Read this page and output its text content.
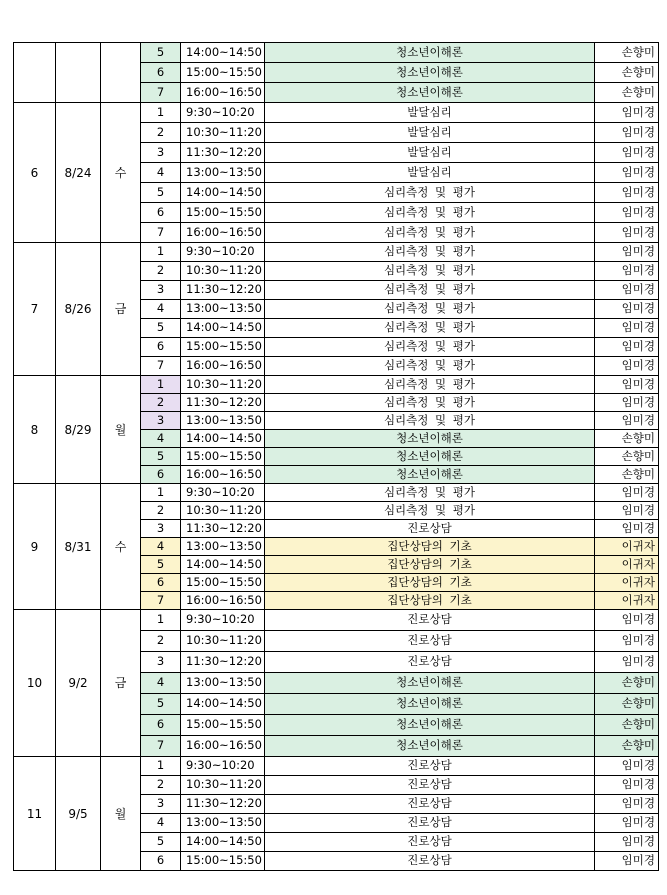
			5	14:00~14:50	청소년이해론	손향미
			6	15:00~15:50	청소년이해론	손향미
			7	16:00~16:50	청소년이해론	손향미
6	8/24	수	1	9:30~10:20	발달심리	임미경
			2	10:30~11:20	발달심리	임미경
			3	11:30~12:20	발달심리	임미경
			4	13:00~13:50	발달심리	임미경
			5	14:00~14:50	심리측정 및 평가	임미경
			6	15:00~15:50	심리측정 및 평가	임미경
			7	16:00~16:50	심리측정 및 평가	임미경
7	8/26	금	1	9:30~10:20	심리측정 및 평가	임미경
			2	10:30~11:20	심리측정 및 평가	임미경
			3	11:30~12:20	심리측정 및 평가	임미경
			4	13:00~13:50	심리측정 및 평가	임미경
			5	14:00~14:50	심리측정 및 평가	임미경
			6	15:00~15:50	심리측정 및 평가	임미경
			7	16:00~16:50	심리측정 및 평가	임미경
8	8/29	월	1	10:30~11:20	심리측정 및 평가	임미경
			2	11:30~12:20	심리측정 및 평가	임미경
			3	13:00~13:50	심리측정 및 평가	임미경
			4	14:00~14:50	청소년이해론	손향미
			5	15:00~15:50	청소년이해론	손향미
			6	16:00~16:50	청소년이해론	손향미
9	8/31	수	1	9:30~10:20	심리측정 및 평가	임미경
			2	10:30~11:20	심리측정 및 평가	임미경
			3	11:30~12:20	진로상담	임미경
			4	13:00~13:50	집단상담의 기초	이귀자
			5	14:00~14:50	집단상담의 기초	이귀자
			6	15:00~15:50	집단상담의 기초	이귀자
			7	16:00~16:50	집단상담의 기초	이귀자
10	9/2	금	1	9:30~10:20	진로상담	임미경
			2	10:30~11:20	진로상담	임미경
			3	11:30~12:20	진로상담	임미경
			4	13:00~13:50	청소년이해론	손향미
			5	14:00~14:50	청소년이해론	손향미
			6	15:00~15:50	청소년이해론	손향미
			7	16:00~16:50	청소년이해론	손향미
11	9/5	월	1	9:30~10:20	진로상담	임미경
			2	10:30~11:20	진로상담	임미경
			3	11:30~12:20	진로상담	임미경
			4	13:00~13:50	진로상담	임미경
			5	14:00~14:50	진로상담	임미경
			6	15:00~15:50	진로상담	임미경
